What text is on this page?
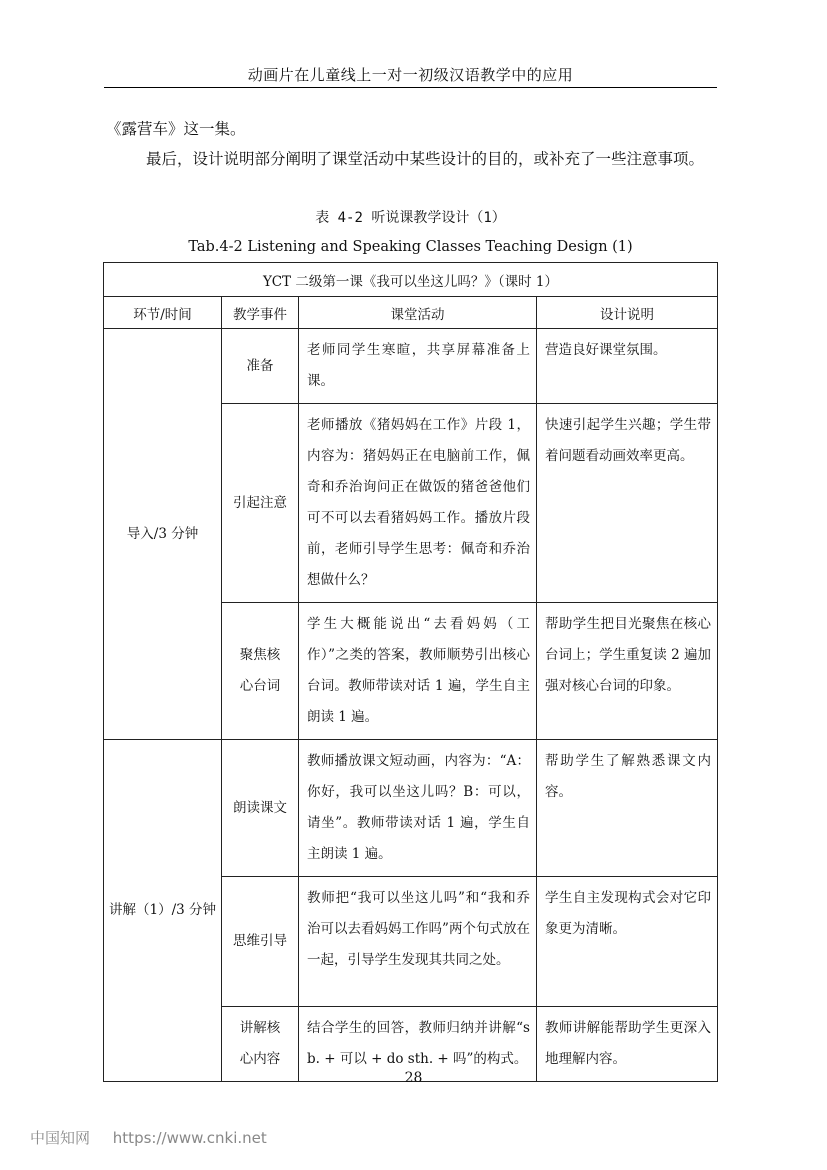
动画片在儿童线上一对一初级汉语教学中的应用
《露营车》这一集。
最后，设计说明部分阐明了课堂活动中某些设计的目的，或补充了一些注意事项。
表 4-2 听说课教学设计（1）
Tab.4-2 Listening and Speaking Classes Teaching Design (1)
YCT 二级第一课《我可以坐这儿吗？》（课时 1）			
环节/时间	教学事件	课堂活动	设计说明
导入/3 分钟	准备	老师同学生寒暄，共享屏幕准备上课。	营造良好课堂氛围。
	引起注意	老师播放《猪妈妈在工作》片段 1，内容为：猪妈妈正在电脑前工作，佩奇和乔治询问正在做饭的猪爸爸他们可不可以去看猪妈妈工作。播放片段前，老师引导学生思考：佩奇和乔治想做什么？	快速引起学生兴趣；学生带着问题看动画效率更高。
	聚焦核心台词	学生大概能说出“去看妈妈（工作）”之类的答案，教师顺势引出核心台词。教师带读对话 1 遍，学生自主朗读 1 遍。	帮助学生把目光聚焦在核心台词上；学生重复读 2 遍加强对核心台词的印象。
讲解（1）/3 分钟	朗读课文	教师播放课文短动画，内容为：“A：你好，我可以坐这儿吗？B：可以，请坐”。教师带读对话 1 遍，学生自主朗读 1 遍。	帮助学生了解熟悉课文内容。
	思维引导	教师把“我可以坐这儿吗”和“我和乔治可以去看妈妈工作吗”两个句式放在一起，引导学生发现其共同之处。	学生自主发现构式会对它印象更为清晰。
	讲解核心内容	结合学生的回答，教师归纳并讲解“sb. + 可以 + do sth. + 吗”的构式。	教师讲解能帮助学生更深入地理解内容。
28
中国知网 https://www.cnki.net
